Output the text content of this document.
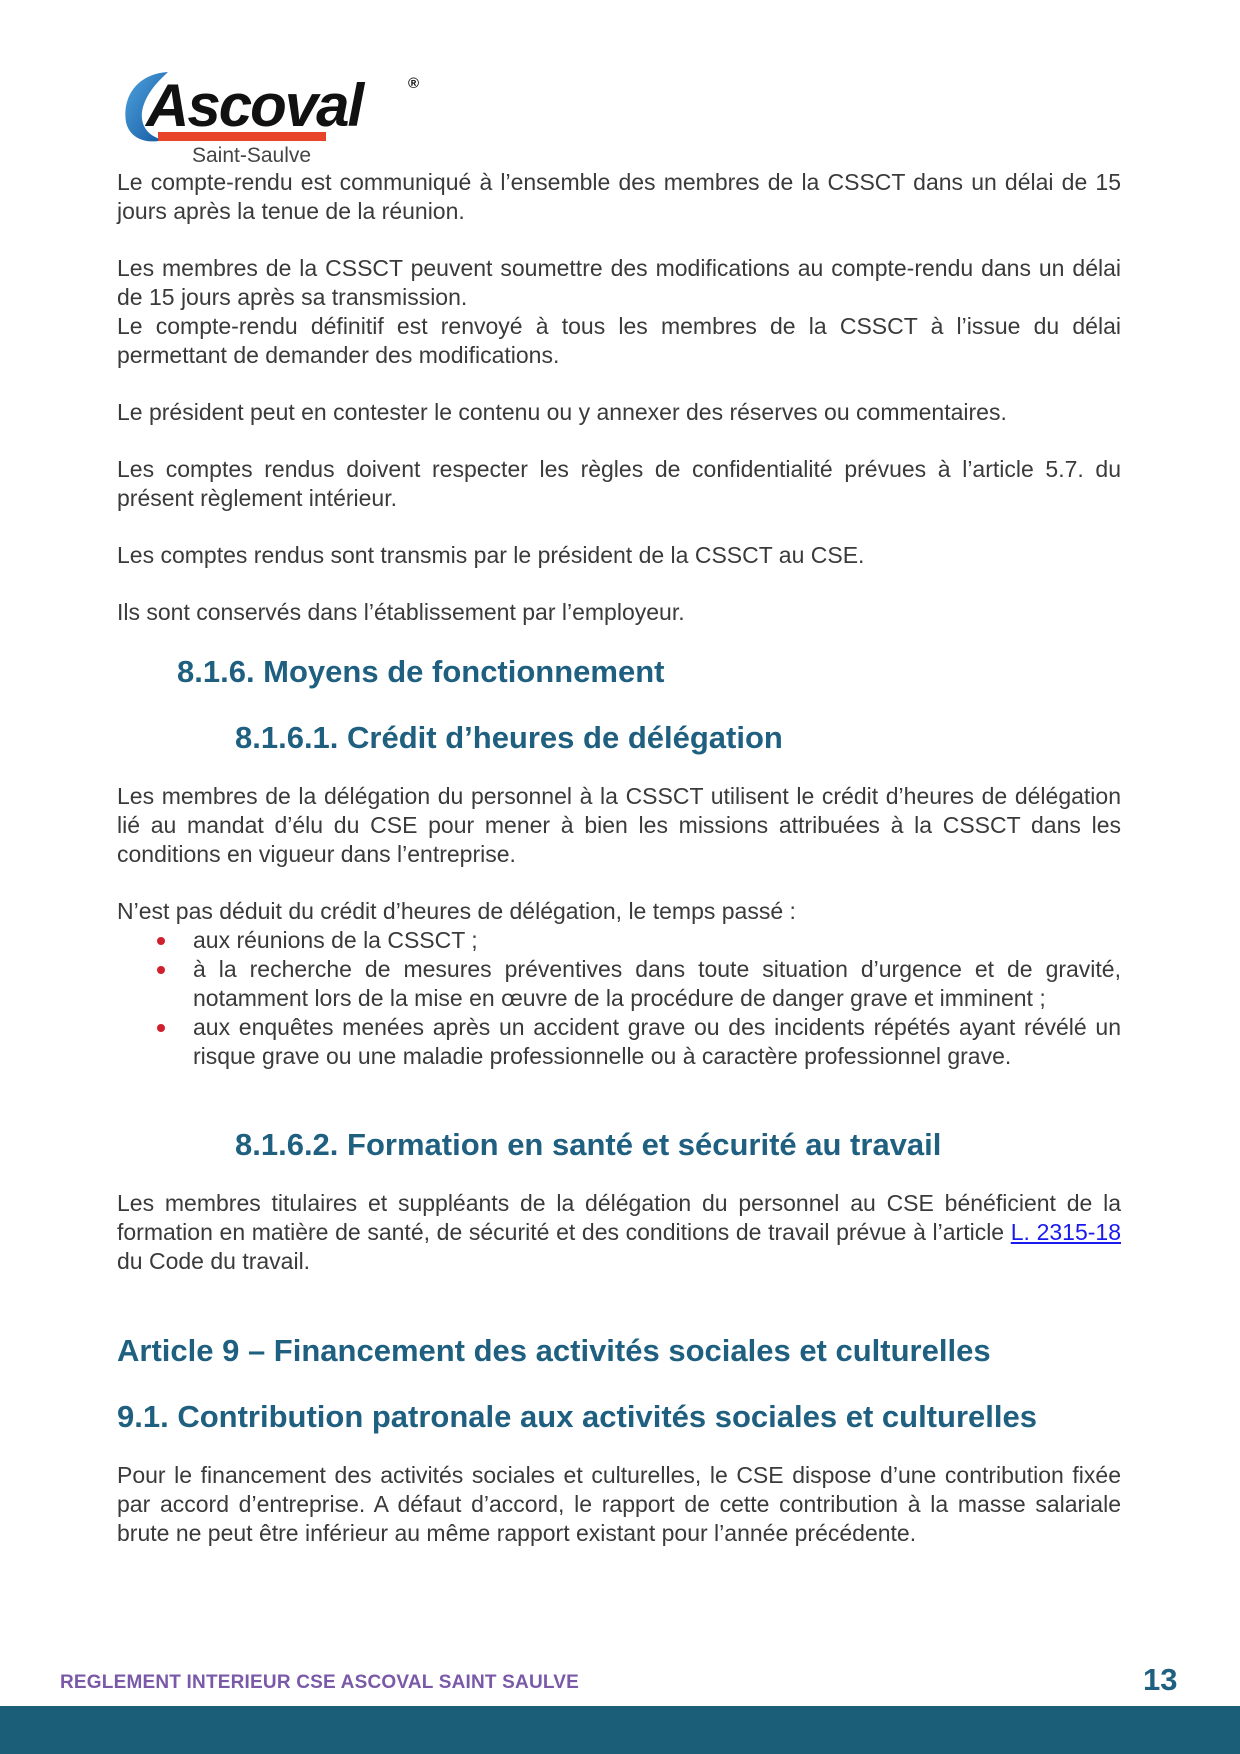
Ascoval	®
Saint-Saulve

Le compte-rendu est communiqué à l’ensemble des membres de la CSSCT dans un délai de 15 jours après la tenue de la réunion.

Les membres de la CSSCT peuvent soumettre des modifications au compte-rendu dans un délai de 15 jours après sa transmission.

Le compte-rendu définitif est renvoyé à tous les membres de la CSSCT à l’issue du délai permettant de demander des modifications.

Le président peut en contester le contenu ou y annexer des réserves ou commentaires.

Les comptes rendus doivent respecter les règles de confidentialité prévues à l’article 5.7. du présent règlement intérieur.

Les comptes rendus sont transmis par le président de la CSSCT au CSE.

Ils sont conservés dans l’établissement par l’employeur.

8.1.6. Moyens de fonctionnement
8.1.6.1. Crédit d’heures de délégation

Les membres de la délégation du personnel à la CSSCT utilisent le crédit d’heures de délégation lié au mandat d’élu du CSE pour mener à bien les missions attribuées à la CSSCT dans les conditions en vigueur dans l’entreprise.

N’est pas déduit du crédit d’heures de délégation, le temps passé :

aux réunions de la CSSCT ;
à la recherche de mesures préventives dans toute situation d’urgence et de gravité, notamment lors de la mise en œuvre de la procédure de danger grave et imminent ;
aux enquêtes menées après un accident grave ou des incidents répétés ayant révélé un risque grave ou une maladie professionnelle ou à caractère professionnel grave.
8.1.6.2. Formation en santé et sécurité au travail

Les membres titulaires et suppléants de la délégation du personnel au CSE bénéficient de la formation en matière de santé, de sécurité et des conditions de travail prévue à l’article L. 2315-18 du Code du travail.

Article 9 – Financement des activités sociales et culturelles
9.1. Contribution patronale aux activités sociales et culturelles

Pour le financement des activités sociales et culturelles, le CSE dispose d’une contribution fixée par accord d’entreprise. A défaut d’accord, le rapport de cette contribution à la masse salariale brute ne peut être inférieur au même rapport existant pour l’année précédente.

REGLEMENT INTERIEUR CSE ASCOVAL SAINT SAULVE	13
